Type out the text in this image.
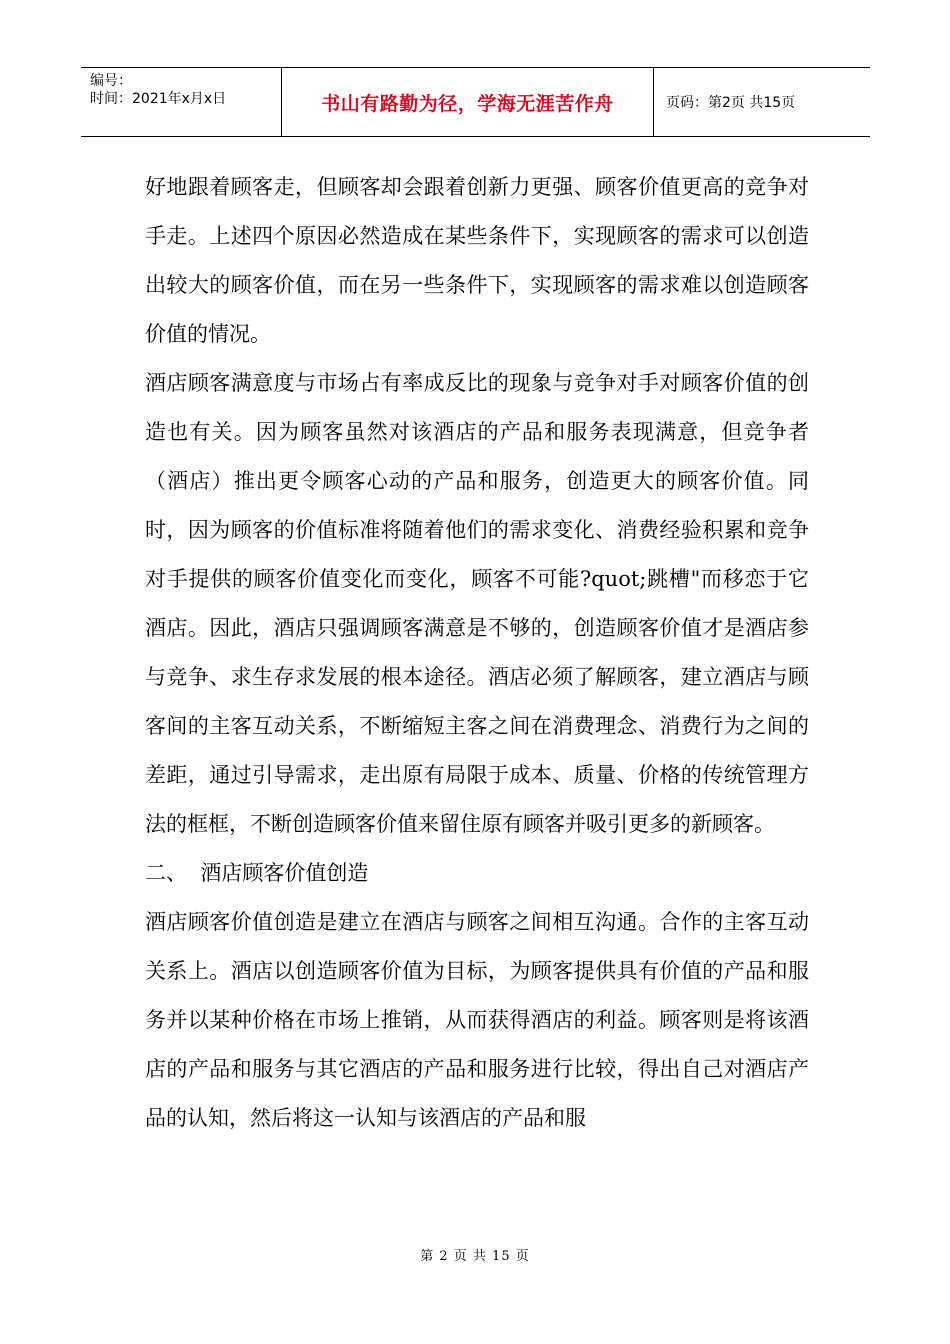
编号：
时间：2021年x月x日	书山有路勤为径，学海无涯苦作舟	页码：第2页 共15页

好地跟着顾客走，但顾客却会跟着创新力更强、顾客价值更高的竞争对手走。上述四个原因必然造成在某些条件下，实现顾客的需求可以创造出较大的顾客价值，而在另一些条件下，实现顾客的需求难以创造顾客价值的情况。

酒店顾客满意度与市场占有率成反比的现象与竞争对手对顾客价值的创造也有关。因为顾客虽然对该酒店的产品和服务表现满意，但竞争者（酒店）推出更令顾客心动的产品和服务，创造更大的顾客价值。同时，因为顾客的价值标准将随着他们的需求变化、消费经验积累和竞争对手提供的顾客价值变化而变化，顾客不可能?quot;跳槽"而移恋于它酒店。因此，酒店只强调顾客满意是不够的，创造顾客价值才是酒店参与竞争、求生存求发展的根本途径。酒店必须了解顾客，建立酒店与顾客间的主客互动关系，不断缩短主客之间在消费理念、消费行为之间的差距，通过引导需求，走出原有局限于成本、质量、价格的传统管理方法的框框，不断创造顾客价值来留住原有顾客并吸引更多的新顾客。

二、  酒店顾客价值创造

酒店顾客价值创造是建立在酒店与顾客之间相互沟通。合作的主客互动关系上。酒店以创造顾客价值为目标，为顾客提供具有价值的产品和服务并以某种价格在市场上推销，从而获得酒店的利益。顾客则是将该酒店的产品和服务与其它酒店的产品和服务进行比较，得出自己对酒店产品的认知，然后将这一认知与该酒店的产品和服

第 2 页 共 15 页
